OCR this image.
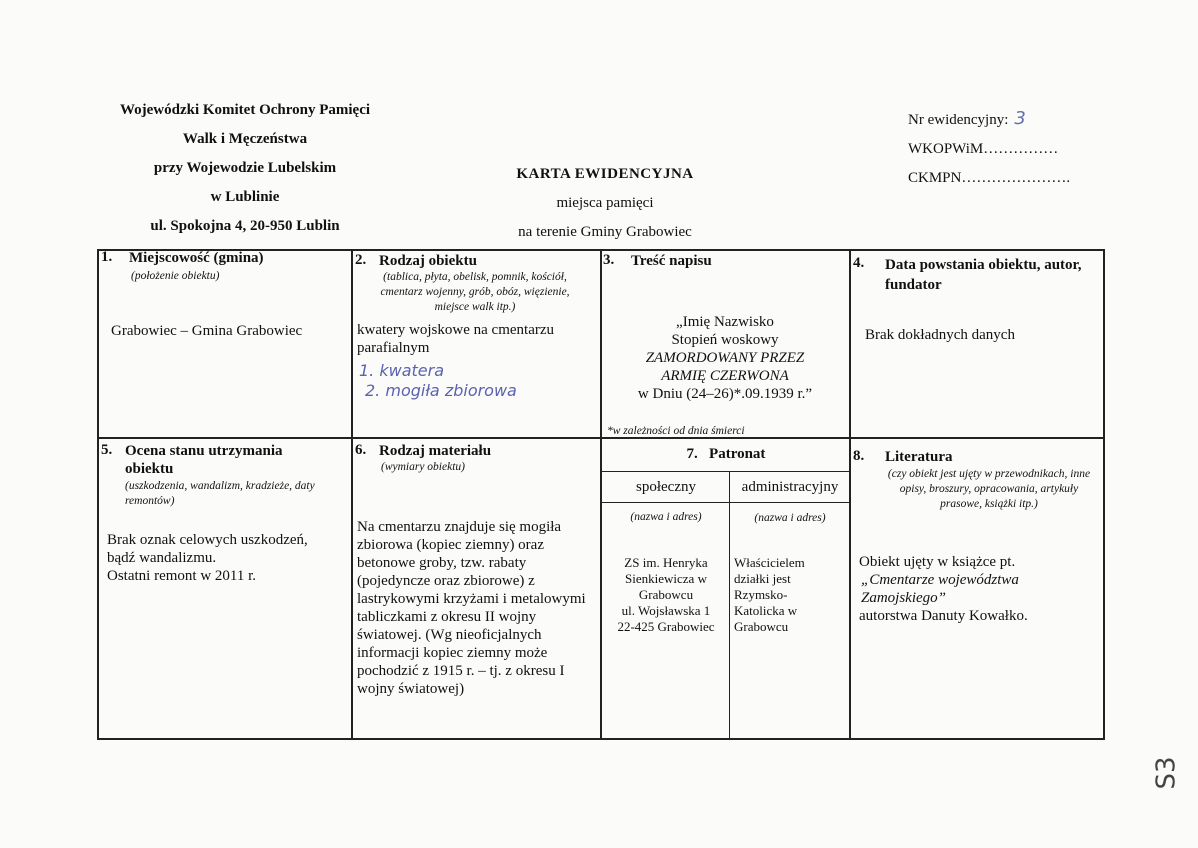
Wojewódzki Komitet Ochrony Pamięci
Walk i Męczeństwa
przy Wojewodzie Lubelskim
w Lublinie
ul. Spokojna 4, 20-950 Lublin
KARTA EWIDENCYJNA
miejsca pamięci
na terenie Gminy Grabowiec
Nr ewidencyjny: 3
WKOPWiM……………
CKMPN………………….
1. Miejscowość (gmina)
(położenie obiektu)
Grabowiec – Gmina Grabowiec
2. Rodzaj obiektu
(tablica, płyta, obelisk, pomnik, kościół, cmentarz wojenny, grób, obóz, więzienie, miejsce walk itp.)
kwatery wojskowe na cmentarzu parafialnym
1. kwatera
2. mogiła zbiorowa
3. Treść napisu
„Imię Nazwisko
Stopień woskowy
ZAMORDOWANY PRZEZ
ARMIĘ CZERWONA
w Dniu (24–26)*.09.1939 r.”
*w zależności od dnia śmierci
4. Data powstania obiektu, autor, fundator
Brak dokładnych danych
5. Ocena stanu utrzymania obiektu
(uszkodzenia, wandalizm, kradzieże, daty remontów)
Brak oznak celowych uszkodzeń,
bądź wandalizmu.
Ostatni remont w 2011 r.
6. Rodzaj materiału
(wymiary obiektu)
Na cmentarzu znajduje się mogiła zbiorowa (kopiec ziemny) oraz betonowe groby, tzw. rabaty (pojedyncze oraz zbiorowe) z lastrykowymi krzyżami i metalowymi tabliczkami z okresu II wojny światowej. (Wg nieoficjalnych informacji kopiec ziemny może pochodzić z 1915 r. – tj. z okresu I wojny światowej)
7. Patronat
społeczny	administracyjny
(nazwa i adres)	(nazwa i adres)
ZS im. Henryka
Sienkiewicza w
Grabowcu
ul. Wojsławska 1
22-425 Grabowiec
Właścicielem
działki jest
Rzymsko-
Katolicka w
Grabowcu
8. Literatura
(czy obiekt jest ujęty w przewodnikach, inne opisy, broszury, opracowania, artykuły prasowe, książki itp.)
Obiekt ujęty w książce pt.
„Cmentarze województwa Zamojskiego”
autorstwa Danuty Kowałko.
S3
